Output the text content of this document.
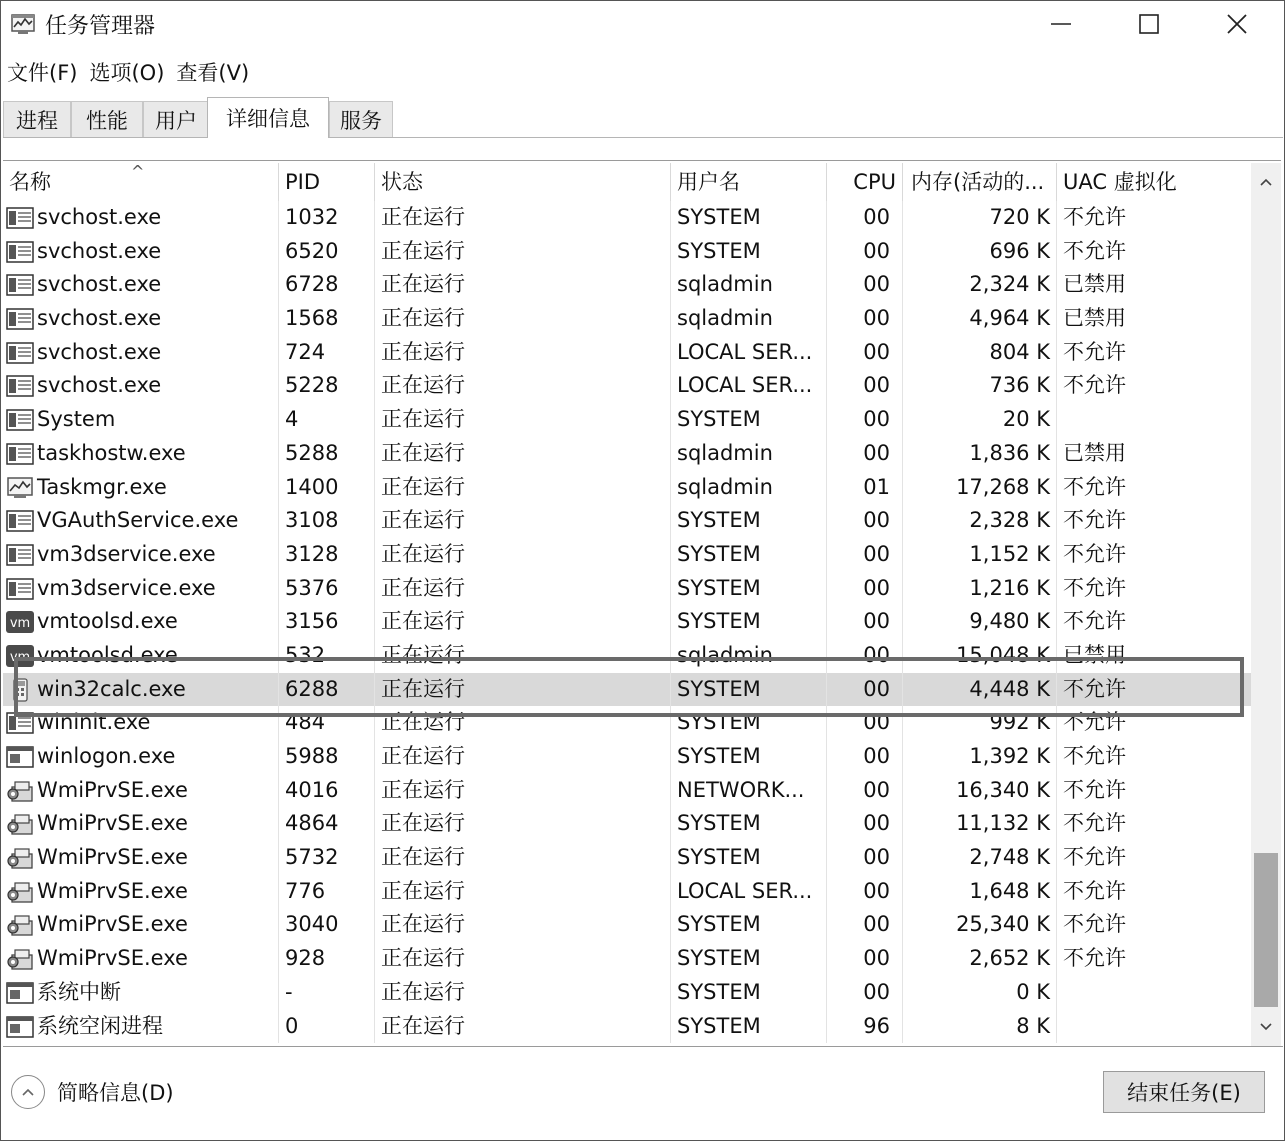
任务管理器
文件(F) 选项(O) 查看(V)
进程	性能	用户	详细信息	服务
名称	^	PID	状态	用户名	CPU 内存(活动的... UAC 虚拟化
svchost.exe	1032	正在运行	SYSTEM	00	720 K 不允许
svchost.exe	6520	正在运行	SYSTEM	00	696 K 不允许
svchost.exe	6728	正在运行	sqladmin	00	2,324 K 已禁用
svchost.exe	1568	正在运行	sqladmin	00	4,964 K 已禁用
svchost.exe	724	正在运行	LOCAL SER...	00	804 K 不允许
svchost.exe	5228	正在运行	LOCAL SER...	00	736 K 不允许
System	4	正在运行	SYSTEM	00	20 K
taskhostw.exe	5288	正在运行	sqladmin	00	1,836 K 已禁用
Taskmgr.exe	1400	正在运行	sqladmin	01	17,268 K 不允许
VGAuthService.exe 3108	正在运行	SYSTEM	00	2,328 K 不允许
vm3dservice.exe	3128	正在运行	SYSTEM	00	1,152 K 不允许
vm3dservice.exe	5376	正在运行	SYSTEM	00	1,216 K 不允许
vm vmtoolsd.exe	3156	正在运行	SYSTEM	00	9,480 K 不允许
vm vmtoolsd.exe	532	正在运行	sqladmin	00	15,048 K 已禁用
win32calc.exe	6288	正在运行	SYSTEM	00	4,448 K 不允许
wininit.exe	484	正在运行	SYSTEM	00	992 K 不允许
winlogon.exe	5988	正在运行	SYSTEM	00	1,392 K 不允许
WmiPrvSE.exe	4016	正在运行	NETWORK...	00	16,340 K 不允许
WmiPrvSE.exe	4864	正在运行	SYSTEM	00	11,132 K 不允许
WmiPrvSE.exe	5732	正在运行	SYSTEM	00	2,748 K 不允许
WmiPrvSE.exe	776	正在运行	LOCAL SER...	00	1,648 K 不允许
WmiPrvSE.exe	3040	正在运行	SYSTEM	00	25,340 K 不允许
WmiPrvSE.exe	928	正在运行	SYSTEM	00	2,652 K 不允许
系统中断	-	正在运行	SYSTEM	00	0 K
系统空闲进程	0	正在运行	SYSTEM	96	8 K
简略信息(D)	结束任务(E)
